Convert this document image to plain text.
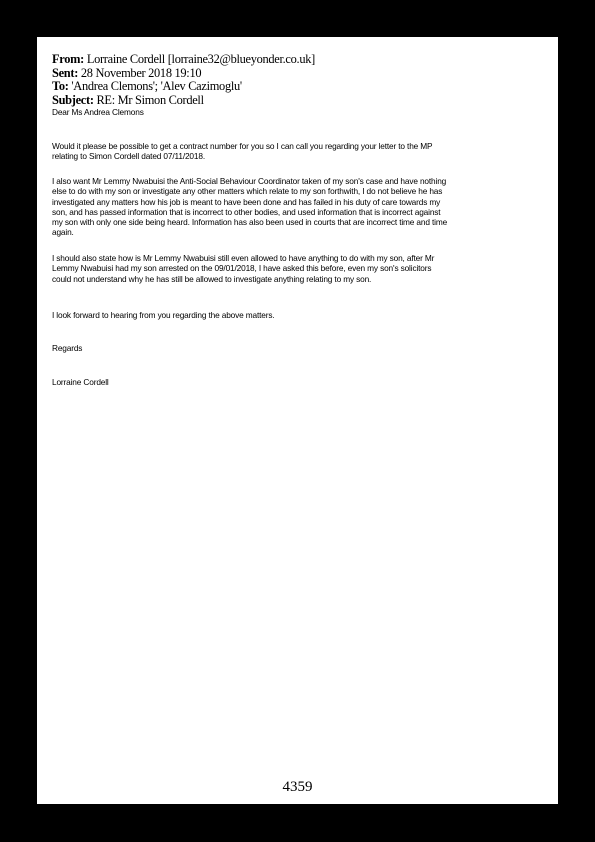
From: Lorraine Cordell [lorraine32@blueyonder.co.uk]
Sent: 28 November 2018 19:10
To: 'Andrea Clemons'; 'Alev Cazimoglu'
Subject: RE: Mr Simon Cordell

Dear Ms Andrea Clemons

Would it please be possible to get a contract number for you so I can call you regarding your letter to the MP
relating to Simon Cordell dated 07/11/2018.

I also want Mr Lemmy Nwabuisi the Anti-Social Behaviour Coordinator taken of my son's case and have nothing
else to do with my son or investigate any other matters which relate to my son forthwith, I do not believe he has
investigated any matters how his job is meant to have been done and has failed in his duty of care towards my
son, and has passed information that is incorrect to other bodies, and used information that is incorrect against
my son with only one side being heard. Information has also been used in courts that are incorrect time and time
again.

I should also state how is Mr Lemmy Nwabuisi still even allowed to have anything to do with my son, after Mr
Lemmy Nwabuisi had my son arrested on the 09/01/2018, I have asked this before, even my son's solicitors
could not understand why he has still be allowed to investigate anything relating to my son.

I look forward to hearing from you regarding the above matters.

Regards

Lorraine Cordell

4359
